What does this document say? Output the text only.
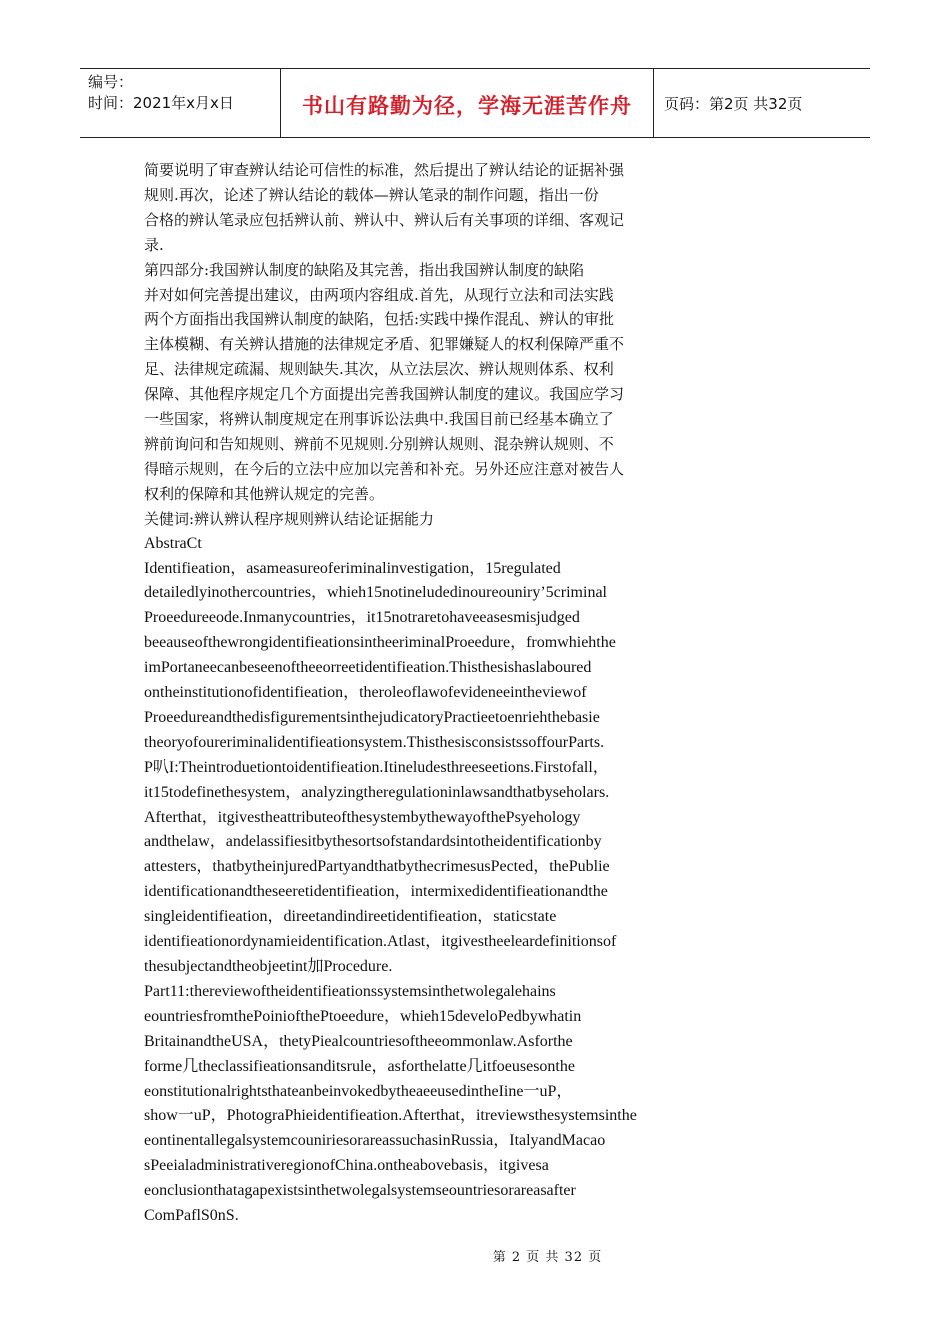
编号：
时间：2021年x月x日	书山有路勤为径，学海无涯苦作舟 页码：第2页 共32页

简要说明了审查辨认结论可信性的标准，然后提出了辨认结论的证据补强

规则.再次，论述了辨认结论的载体—辨认笔录的制作问题，指出一份

合格的辨认笔录应包括辨认前、辨认中、辨认后有关事项的详细、客观记

录.

第四部分:我国辨认制度的缺陷及其完善，指出我国辨认制度的缺陷

并对如何完善提出建议，由两项内容组成.首先，从现行立法和司法实践

两个方面指出我国辨认制度的缺陷，包括:实践中操作混乱、辨认的审批

主体模糊、有关辨认措施的法律规定矛盾、犯罪嫌疑人的权利保障严重不

足、法律规定疏漏、规则缺失.其次，从立法层次、辨认规则体系、权利

保障、其他程序规定几个方面提出完善我国辨认制度的建议。我国应学习

一些国家，将辨认制度规定在刑事诉讼法典中.我国目前已经基本确立了

辨前询问和告知规则、辨前不见规则.分别辨认规则、混杂辨认规则、不

得暗示规则，在今后的立法中应加以完善和补充。另外还应注意对被告人

权利的保障和其他辨认规定的完善。

关健词:辨认辨认程序规则辨认结论证据能力

AbstraCt

Identifieation，asameasureoferiminalinvestigation，15regulated

detailedlyinothercountries，whieh15notineludedinoureouniry’5criminal

Proeedureeode.Inmanycountries，it15notraretohaveeasesmisjudged

beeauseofthewrongidentifieationsintheeriminalProeedure，fromwhiehthe

imPortaneecanbeseenoftheeorreetidentifieation.Thisthesishaslaboured

ontheinstitutionofidentifieation，theroleoflawofevideneeintheviewof

ProeedureandthedisfigurementsinthejudicatoryPractieetoenriehthebasie

theoryofoureriminalidentifieationsystem.ThisthesisconsistssoffourParts.

P叭I:Theintroduetiontoidentifieation.Itineludesthreeseetions.Firstofall，

it15todefinethesystem，analyzingtheregulationinlawsandthatbyseholars.

Afterthat，itgivestheattributeofthesystembythewayofthePsyehology

andthelaw，andelassifiesitbythesortsofstandardsintotheidentificationby

attesters，thatbytheinjuredPartyandthatbythecrimesusPected，thePublie

identificationandtheseeretidentifieation，intermixedidentifieationandthe

singleidentifieation，direetandindireetidentifieation，staticstate

identifieationordynamieidentification.Atlast，itgivestheeleardefinitionsof

thesubjectandtheobjeetint加Procedure.

Part11:thereviewoftheidentifieationssystemsinthetwolegalehains

eountriesfromthePoiniofthePtoeedure，whieh15develoPedbywhatin

BritainandtheUSA，thetyPiealcountriesoftheeommonlaw.Asforthe

forme几theclassifieationsanditsrule，asforthelatte几itfoeusesonthe

eonstitutionalrightsthateanbeinvokedbytheaeeusedintheIine一uP，

show一uP，PhotograPhieidentifieation.Afterthat，itreviewsthesystemsinthe

eontinentallegalsystemcouniriesorareassuchasinRussia，ItalyandMacao

sPeeialadministrativeregionofChina.ontheabovebasis，itgivesa

eonclusionthatagapexistsinthetwolegalsystemseountriesorareasafter

ComPaflS0nS.

第 2 页 共 32 页
